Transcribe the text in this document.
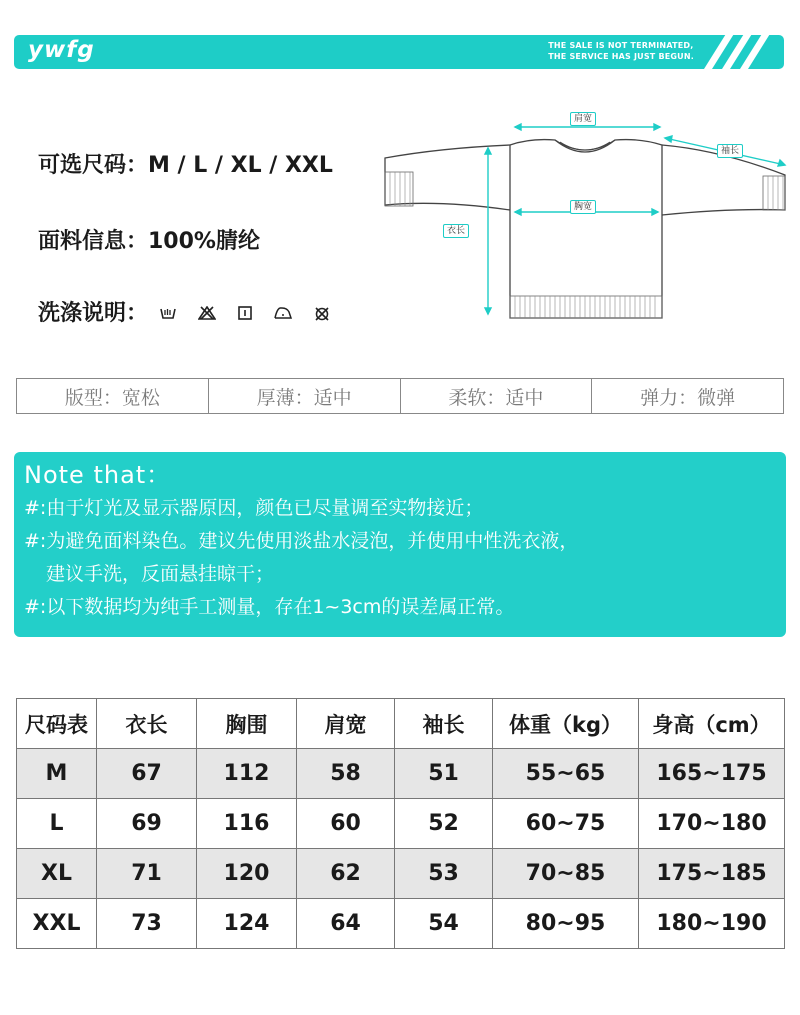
ywfg	THE SALE IS NOT TERMINATED,
THE SERVICE HAS JUST BEGUN.
可选尺码：M / L / XL / XXL
面料信息：100%腈纶
洗涤说明：
肩宽
袖长
胸宽
衣长
版型：宽松	厚薄：适中	柔软：适中	弹力：微弹
Note that：
#:由于灯光及显示器原因，颜色已尽量调至实物接近；
#:为避免面料染色。建议先使用淡盐水浸泡，并使用中性洗衣液，
建议手洗，反面悬挂晾干；
#:以下数据均为纯手工测量，存在1~3cm的误差属正常。
尺码表	衣长	胸围	肩宽	袖长	体重（kg）	身高（cm）
M	67	112	58	51	55~65	165~175
L	69	116	60	52	60~75	170~180
XL	71	120	62	53	70~85	175~185
XXL	73	124	64	54	80~95	180~190
